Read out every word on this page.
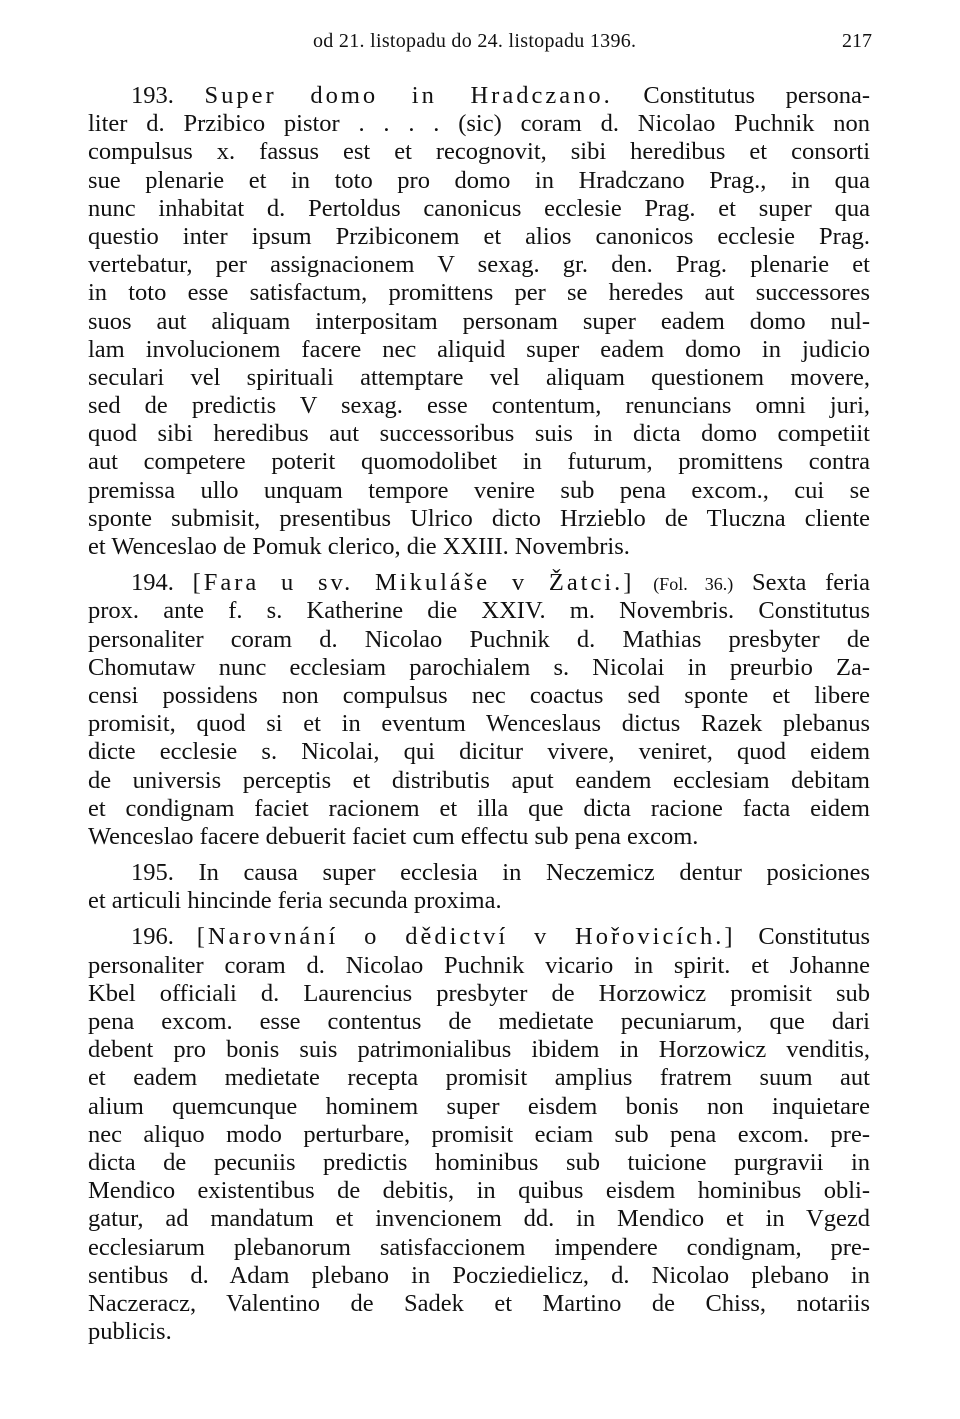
od 21. listopadu do 24. listopadu 1396.	217
193. Super domo in Hradczano. Constitutus persona-
liter d. Przibico pistor . . . . (sic) coram d. Nicolao Puchnik non
compulsus x. fassus est et recognovit, sibi heredibus et consorti
sue plenarie et in toto pro domo in Hradczano Prag., in qua
nunc inhabitat d. Pertoldus canonicus ecclesie Prag. et super qua
questio inter ipsum Przibiconem et alios canonicos ecclesie Prag.
vertebatur, per assignacionem V sexag. gr. den. Prag. plenarie et
in toto esse satisfactum, promittens per se heredes aut successores
suos aut aliquam interpositam personam super eadem domo nul-
lam involucionem facere nec aliquid super eadem domo in judicio
seculari vel spirituali attemptare vel aliquam questionem movere,
sed de predictis V sexag. esse contentum, renuncians omni juri,
quod sibi heredibus aut successoribus suis in dicta domo competiit
aut competere poterit quomodolibet in futurum, promittens contra
premissa ullo unquam tempore venire sub pena excom., cui se
sponte submisit, presentibus Ulrico dicto Hrzieblo de Tluczna cliente
et Wenceslao de Pomuk clerico, die XXIII. Novembris.
194. [Fara u sv. Mikuláše v Žatci.] (Fol. 36.) Sexta feria
prox. ante f. s. Katherine die XXIV. m. Novembris. Constitutus
personaliter coram d. Nicolao Puchnik d. Mathias presbyter de
Chomutaw nunc ecclesiam parochialem s. Nicolai in preurbio Za-
censi possidens non compulsus nec coactus sed sponte et libere
promisit, quod si et in eventum Wenceslaus dictus Razek plebanus
dicte ecclesie s. Nicolai, qui dicitur vivere, veniret, quod eidem
de universis perceptis et distributis aput eandem ecclesiam debitam
et condignam faciet racionem et illa que dicta racione facta eidem
Wenceslao facere debuerit faciet cum effectu sub pena excom.
195. In causa super ecclesia in Neczemicz dentur posiciones
et articuli hincinde feria secunda proxima.
196. [Narovnání o dědictví v Hořovicích.] Constitutus
personaliter coram d. Nicolao Puchnik vicario in spirit. et Johanne
Kbel officiali d. Laurencius presbyter de Horzowicz promisit sub
pena excom. esse contentus de medietate pecuniarum, que dari
debent pro bonis suis patrimonialibus ibidem in Horzowicz venditis,
et eadem medietate recepta promisit amplius fratrem suum aut
alium quemcunque hominem super eisdem bonis non inquietare
nec aliquo modo perturbare, promisit eciam sub pena excom. pre-
dicta de pecuniis predictis hominibus sub tuicione purgravii in
Mendico existentibus de debitis, in quibus eisdem hominibus obli-
gatur, ad mandatum et invencionem dd. in Mendico et in Vgezd
ecclesiarum plebanorum satisfaccionem impendere condignam, pre-
sentibus d. Adam plebano in Pocziedielicz, d. Nicolao plebano in
Naczeracz, Valentino de Sadek et Martino de Chiss, notariis
publicis.
